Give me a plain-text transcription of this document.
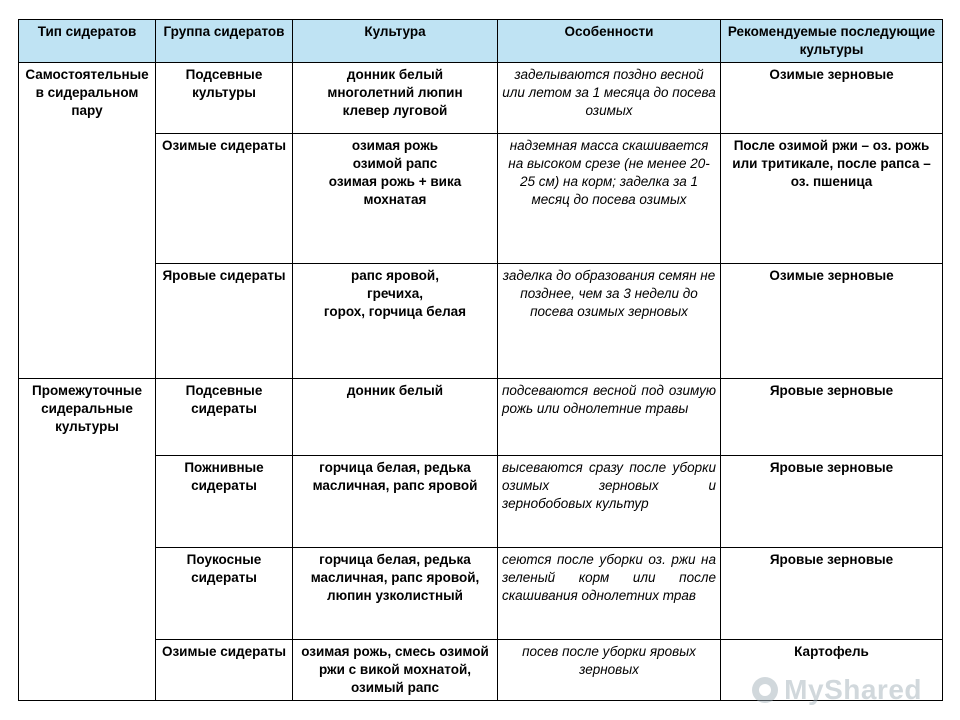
Тип сидератов	Группа сидератов	Культура	Особенности	Рекомендуемые последующие культуры
Самостоятельные в сидеральном пару	Подсевные культуры	донник белый
многолетний люпин
клевер луговой	заделываются поздно весной или летом за 1 месяца до посева озимых	Озимые зерновые
	Озимые сидераты	озимая рожь
озимой рапс
озимая рожь + вика мохнатая	надземная масса скашивается на высоком срезе (не менее 20-25 см) на корм; заделка за 1 месяц до посева озимых	После озимой ржи – оз. рожь или тритикале, после рапса – оз. пшеница
	Яровые сидераты	рапс яровой,
гречиха,
горох, горчица белая	заделка до образования семян не позднее, чем за 3 недели до посева озимых зерновых	Озимые зерновые
Промежуточные сидеральные культуры	Подсевные сидераты	донник белый	подсеваются весной под озимую рожь или однолетние травы	Яровые зерновые
	Пожнивные сидераты	горчица белая, редька масличная, рапс яровой	высеваются сразу после уборки озимых зерновых и зернобобовых культур	Яровые зерновые
	Поукосные сидераты	горчица белая, редька масличная, рапс яровой, люпин узколистный	сеются после уборки оз. ржи на зеленый корм или после скашивания однолетних трав	Яровые зерновые
	Озимые сидераты	озимая рожь, смесь озимой ржи с викой мохнатой, озимый рапс	посев после уборки яровых зерновых	Картофель
MyShared
